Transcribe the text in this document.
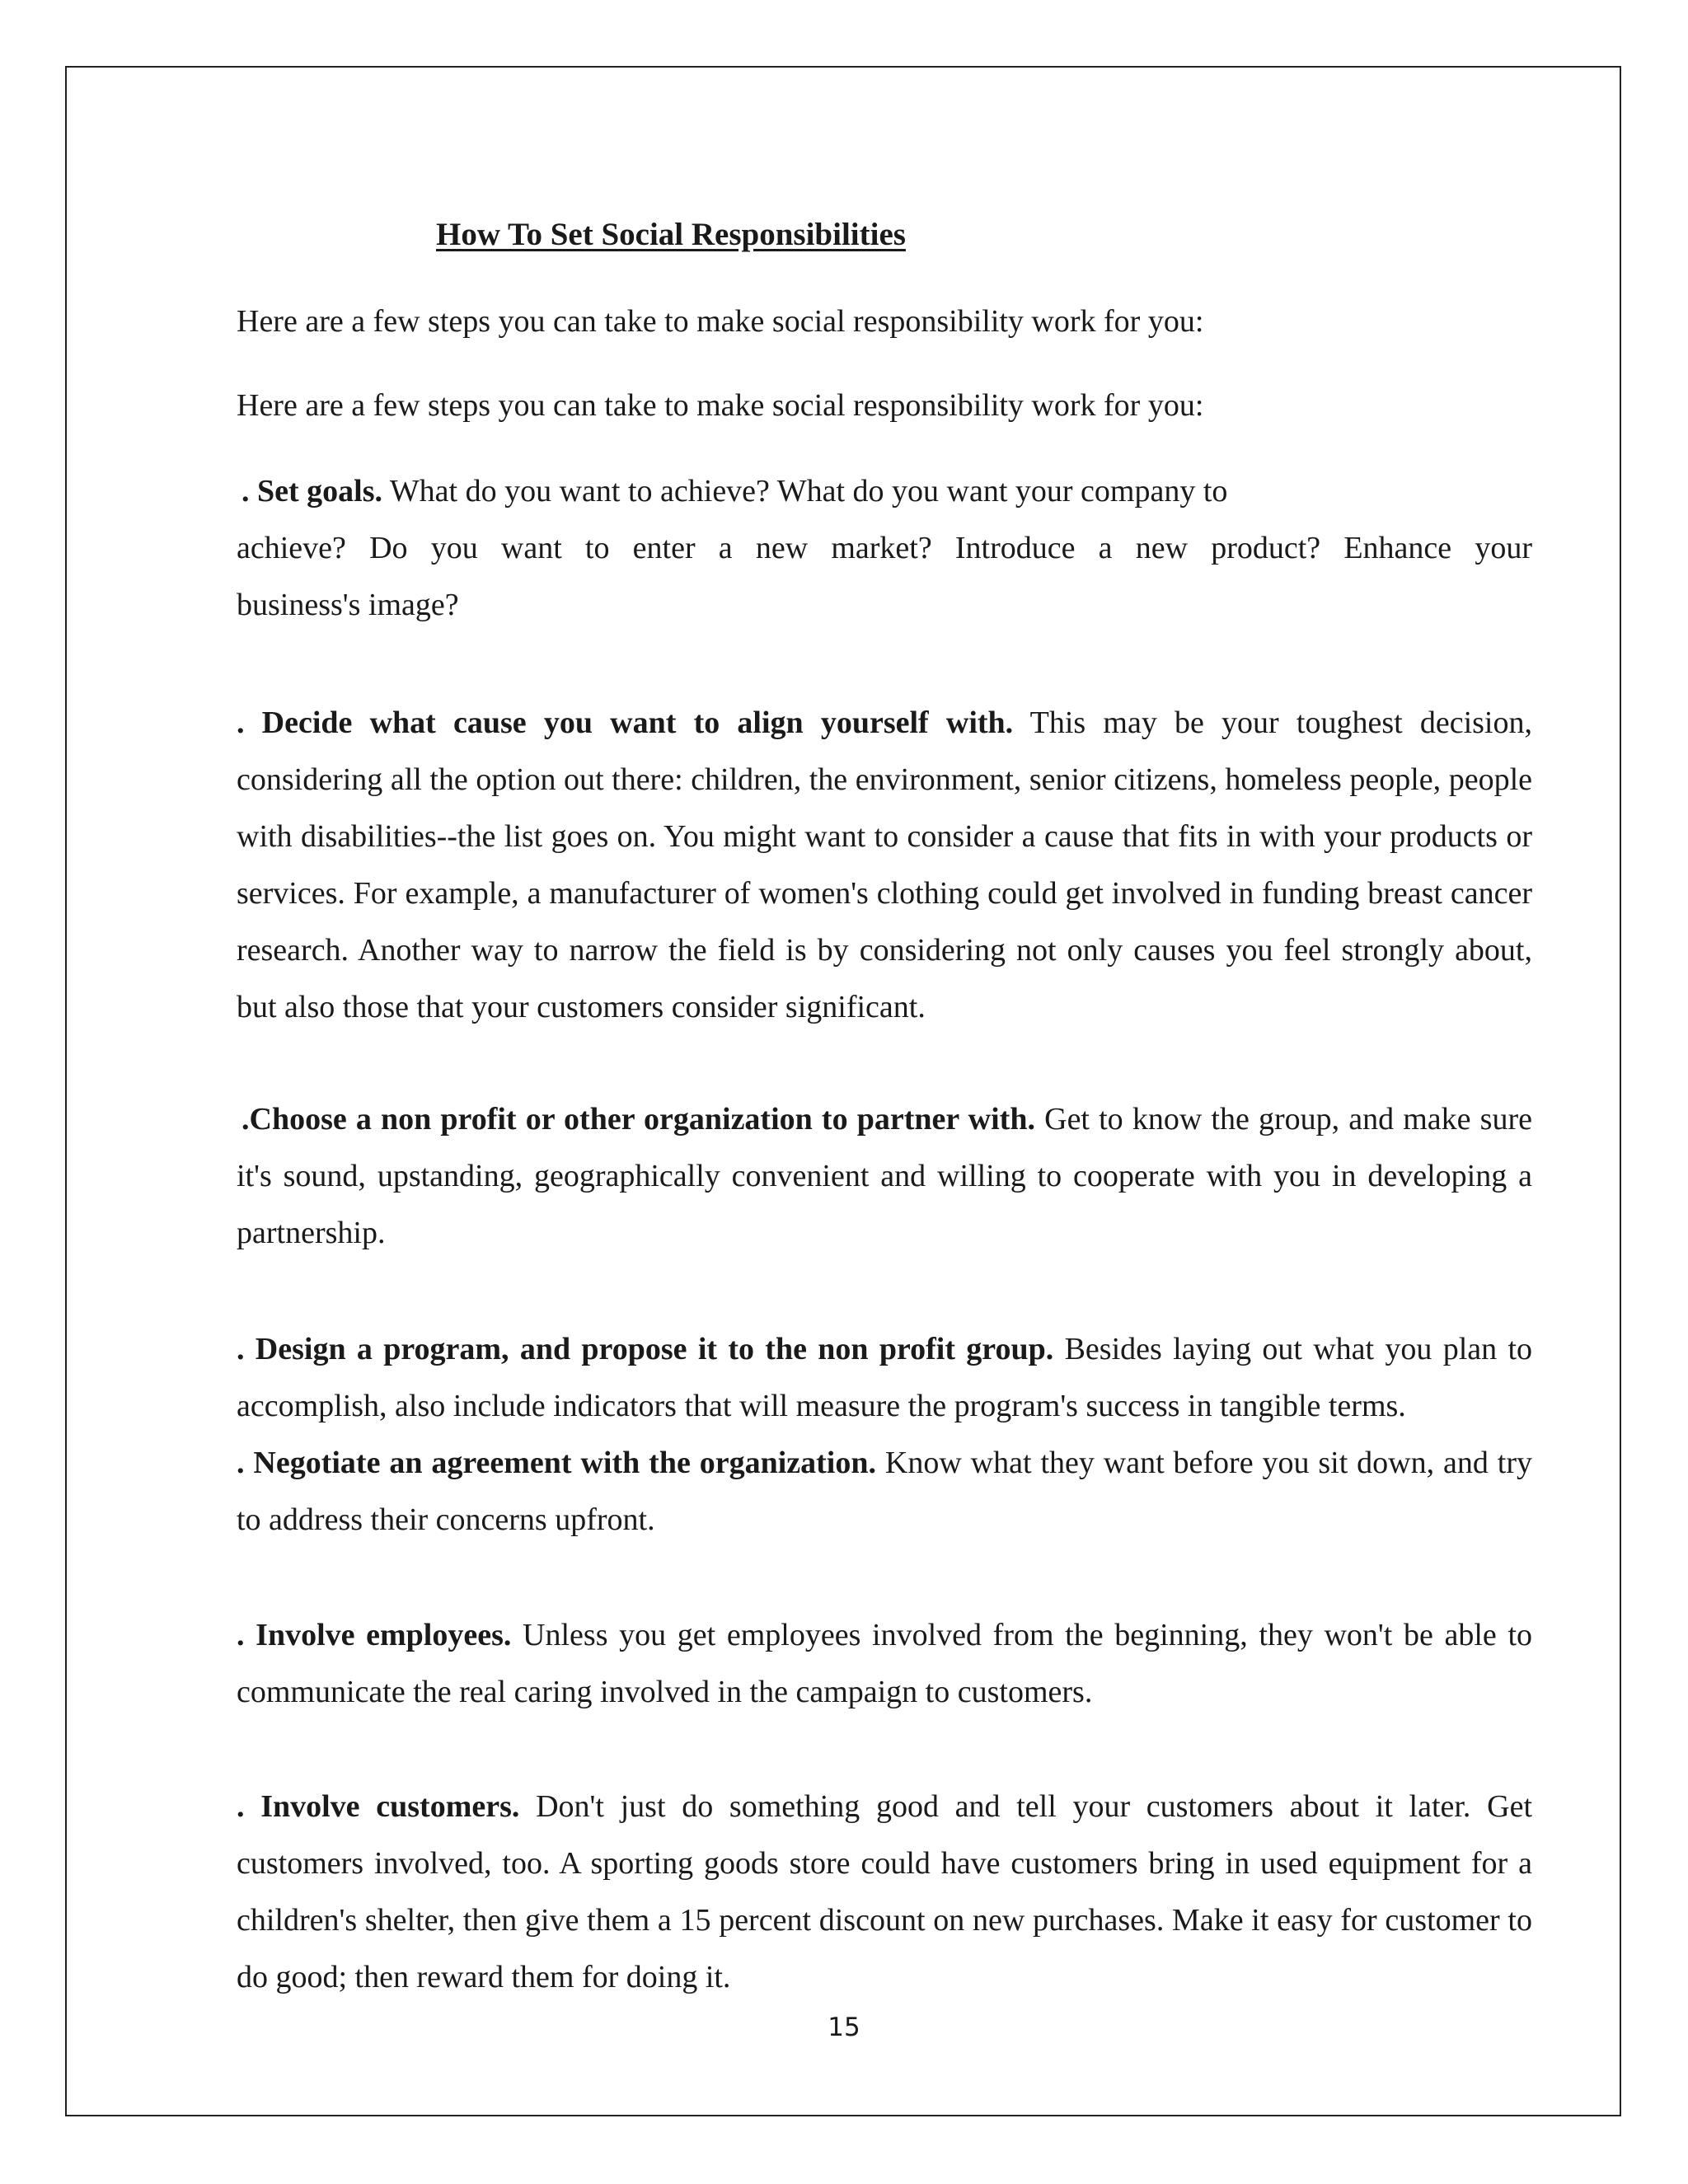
How To Set Social Responsibilities
Here are a few steps you can take to make social responsibility work for you:
Here are a few steps you can take to make social responsibility work for you:
. Set goals. What do you want to achieve? What do you want your company to
achieve? Do you want to enter a new market? Introduce a new product? Enhance your
business's image?
. Decide what cause you want to align yourself with. This may be your toughest decision, considering all the option out there: children, the environment, senior citizens, homeless people, people with disabilities--the list goes on. You might want to consider a cause that fits in with your products or services. For example, a manufacturer of women's clothing could get involved in funding breast cancer research. Another way to narrow the field is by considering not only causes you feel strongly about, but also those that your customers consider significant.
.Choose a non profit or other organization to partner with. Get to know the group, and make sure it's sound, upstanding, geographically convenient and willing to cooperate with you in developing a partnership.
. Design a program, and propose it to the non profit group. Besides laying out what you plan to accomplish, also include indicators that will measure the program's success in tangible terms.
. Negotiate an agreement with the organization. Know what they want before you sit down, and try to address their concerns upfront.
. Involve employees. Unless you get employees involved from the beginning, they won't be able to communicate the real caring involved in the campaign to customers.
. Involve customers. Don't just do something good and tell your customers about it later. Get customers involved, too. A sporting goods store could have customers bring in used equipment for a children's shelter, then give them a 15 percent discount on new purchases. Make it easy for customer to do good; then reward them for doing it.
15
